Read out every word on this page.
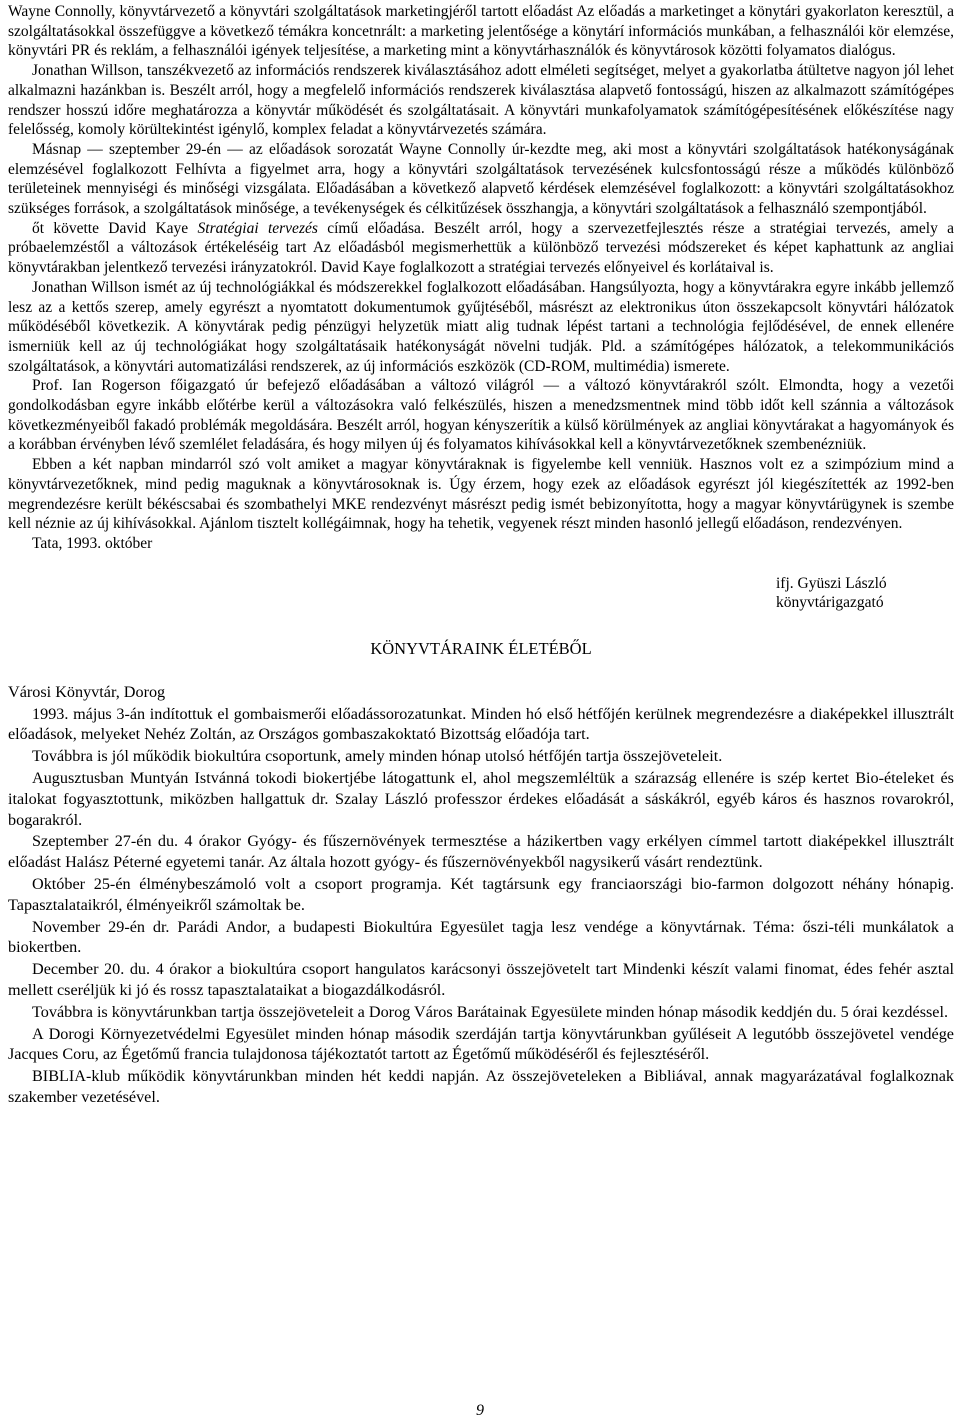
Wayne Connolly, könyvtárvezető a könyvtári szolgáltatások marketingjéről tartott előadást Az előadás a marketinget a könytári gyakorlaton keresztül, a szolgáltatásokkal összefüggve a következő témákra koncetnrált: a marketing jelentősége a könytárí információs munkában, a felhasználói kör elemzése, könyvtári PR és reklám, a felhasználói igények teljesítése, a marketing mint a könyvtárhasználók és könyvtárosok közötti folyamatos dialógus.

Jonathan Willson, tanszékvezető az információs rendszerek kiválasztásához adott elméleti segítséget, melyet a gyakorlatba átültetve nagyon jól lehet alkalmazni hazánkban is. Beszélt arról, hogy a megfelelő információs rendszerek kiválasztása alapvető fontosságú, hiszen az alkalmazott számítógépes rendszer hosszú időre meghatározza a könyvtár működését és szolgáltatásait. A könyvtári munkafolyamatok számítógépesítésének előkészítése nagy felelősség, komoly körültekintést igénylő, komplex feladat a könyvtárvezetés számára.

Másnap — szeptember 29-én — az előadások sorozatát Wayne Connolly úr-kezdte meg, aki most a könyvtári szolgáltatások hatékonyságának elemzésével foglalkozott Felhívta a figyelmet arra, hogy a könyvtári szolgáltatások tervezésének kulcsfontosságú része a működés különböző területeinek mennyiségi és minőségi vizsgálata. Előadásában a következő alapvető kérdések elemzésével foglalkozott: a könyvtári szolgáltatásokhoz szükséges források, a szolgáltatások minősége, a tevékenységek és célkitűzések összhangja, a könyvtári szolgáltatások a felhasználó szempontjából.

őt követte David Kaye Stratégiai tervezés című előadása. Beszélt arról, hogy a szervezetfejlesztés része a stratégiai tervezés, amely a próbaelemzéstől a változások értékeléséig tart Az előadásból megismerhettük a különböző tervezési módszereket és képet kaphattunk az angliai könyvtárakban jelentkező tervezési irányzatokról. David Kaye foglalkozott a stratégiai tervezés előnyeivel és korlátaival is.

Jonathan Willson ismét az új technológiákkal és módszerekkel foglalkozott előadásában. Hangsúlyozta, hogy a könyvtárakra egyre inkább jellemző lesz az a kettős szerep, amely egyrészt a nyomtatott dokumentumok gyűjtéséből, másrészt az elektronikus úton összekapcsolt könyvtári hálózatok működéséből következik. A könyvtárak pedig pénzügyi helyzetük miatt alig tudnak lépést tartani a technológia fejlődésével, de ennek ellenére ismerniük kell az új technológiákat hogy szolgáltatásaik hatékonyságát növelni tudják. Pld. a számítógépes hálózatok, a telekommunikációs szolgáltatások, a könyvtári automatizálási rendszerek, az új információs eszközök (CD-ROM, multimédia) ismerete.

Prof. Ian Rogerson főigazgató úr befejező előadásában a változó világról — a változó könyvtárakról szólt. Elmondta, hogy a vezetői gondolkodásban egyre inkább előtérbe kerül a változásokra való felkészülés, hiszen a menedzsmentnek mind több időt kell szánnia a változások következményeiből fakadó problémák megoldására. Beszélt arról, hogyan kényszerítik a külső körülmények az angliai könyvtárakat a hagyományok és a korábban érvényben lévő szemlélet feladására, és hogy milyen új és folyamatos kihívásokkal kell a könyvtárvezetőknek szembenézniük.

Ebben a két napban mindarról szó volt amiket a magyar könyvtáraknak is figyelembe kell venniük. Hasznos volt ez a szimpózium mind a könyvtárvezetőknek, mind pedig maguknak a könyvtárosoknak is. Úgy érzem, hogy ezek az előadások egyrészt jól kiegészítették az 1992-ben megrendezésre került békéscsabai és szombathelyi MKE rendezvényt másrészt pedig ismét bebizonyította, hogy a magyar könyvtárügynek is szembe kell néznie az új kihívásokkal. Ajánlom tisztelt kollégáimnak, hogy ha tehetik, vegyenek részt minden hasonló jellegű előadáson, rendezvényen.

Tata, 1993. október

ifj. Gyüszi László
könyvtárigazgató
KÖNYVTÁRAINK ÉLETÉBŐL
Városi Könyvtár, Dorog

1993. május 3-án indítottuk el gombaismerői előadássorozatunkat. Minden hó első hétfőjén kerülnek megrendezésre a diaképekkel illusztrált előadások, melyeket Nehéz Zoltán, az Országos gombaszakoktató Bizottság előadója tart.

Továbbra is jól működik biokultúra csoportunk, amely minden hónap utolsó hétfőjén tartja összejöveteleit.

Augusztusban Muntyán Istvánná tokodi biokertjébe látogattunk el, ahol megszemléltük a szárazság ellenére is szép kertet Bio-ételeket és italokat fogyasztottunk, miközben hallgattuk dr. Szalay László professzor érdekes előadását a sáskákról, egyéb káros és hasznos rovarokról, bogarakról.

Szeptember 27-én du. 4 órakor Gyógy- és fűszernövények termesztése a házikertben vagy erkélyen címmel tartott diaképekkel illusztrált előadást Halász Péterné egyetemi tanár. Az általa hozott gyógy- és fűszernövényekből nagysikerű vásárt rendeztünk.

Október 25-én élménybeszámoló volt a csoport programja. Két tagtársunk egy franciaországi bio-farmon dolgozott néhány hónapig. Tapasztalataikról, élményeikről számoltak be.

November 29-én dr. Parádi Andor, a budapesti Biokultúra Egyesület tagja lesz vendége a könyvtárnak. Téma: őszi-téli munkálatok a biokertben.

December 20. du. 4 órakor a biokultúra csoport hangulatos karácsonyi összejövetelt tart Mindenki készít valami finomat, édes fehér asztal mellett cseréljük ki jó és rossz tapasztalataikat a biogazdálkodásról.

Továbbra is könyvtárunkban tartja összejöveteleit a Dorog Város Barátainak Egyesülete minden hónap második keddjén du. 5 órai kezdéssel.

A Dorogi Környezetvédelmi Egyesület minden hónap második szerdáján tartja könyvtárunkban gyűléseit A legutóbb összejövetel vendége Jacques Coru, az Égetőmű francia tulajdonosa tájékoztatót tartott az Égetőmű működéséről és fejlesztéséről.

BIBLIA-klub működik könyvtárunkban minden hét keddi napján. Az összejöveteleken a Bibliával, annak magyarázatával foglalkoznak szakember vezetésével.

9
